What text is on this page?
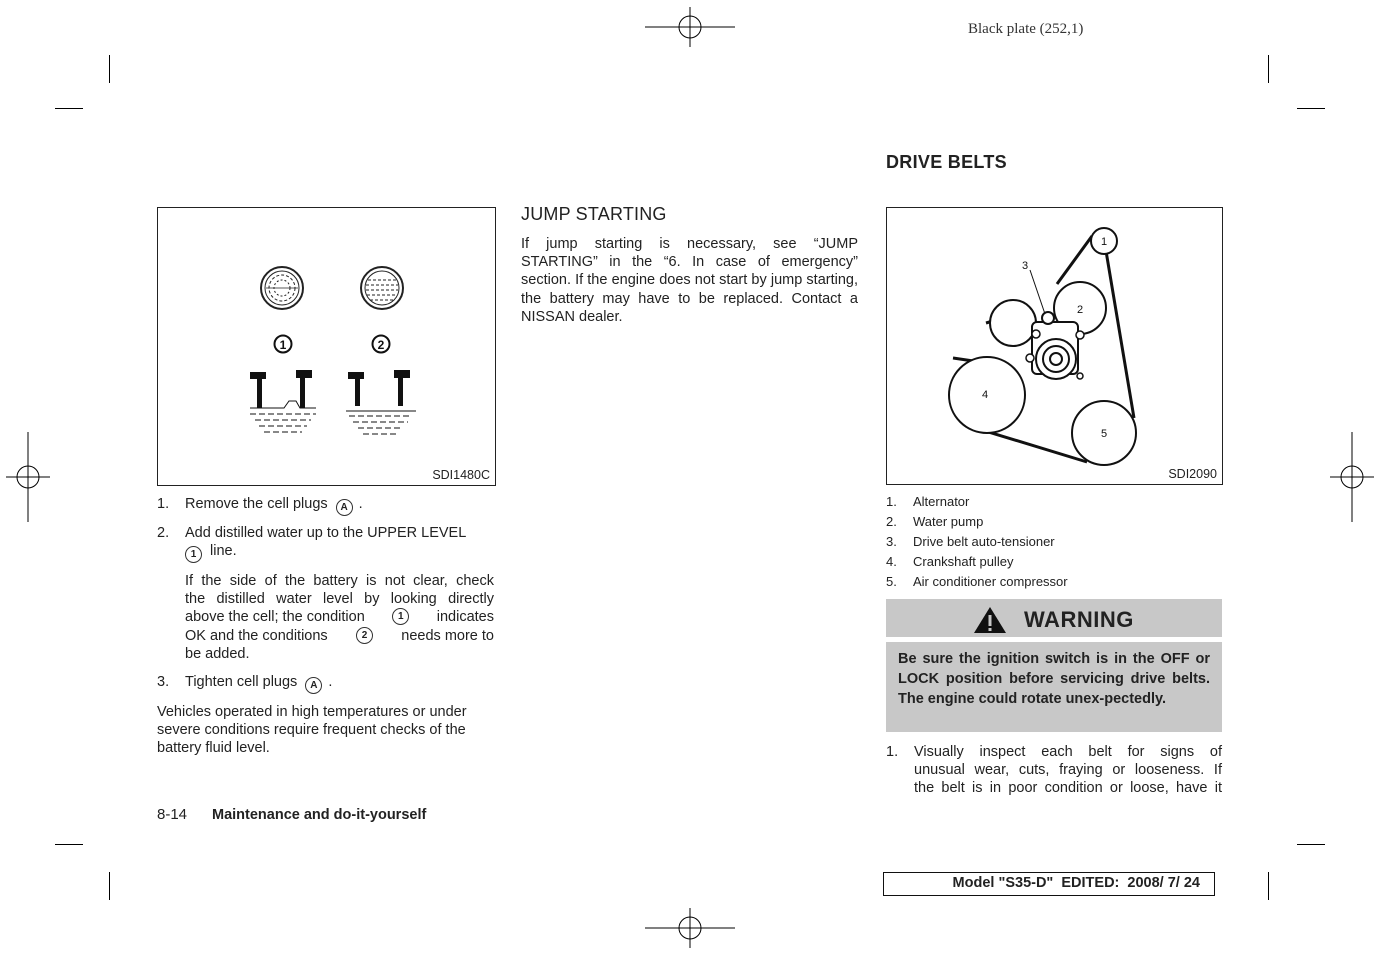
Black plate (252,1)
1	2
SDI1480C
1. Remove the cell plugs A .
2. Add distilled water up to the UPPER LEVEL
1 line.
If the side of the battery is not clear, check
the distilled water level by looking directly
above the cell; the condition	1	indicates
OK and the conditions	2	needs more to
be added.
3. Tighten cell plugs A .
Vehicles operated in high temperatures or under severe conditions require frequent checks of the battery fluid level.
JUMP STARTING
If jump starting is necessary, see “JUMP STARTING” in the “6. In case of emergency” section. If the engine does not start by jump starting, the battery may have to be replaced. Contact a NISSAN dealer.
DRIVE BELTS
1
2
3
4
5
SDI2090
1. Alternator
2. Water pump
3. Drive belt auto-tensioner
4. Crankshaft pulley
5. Air conditioner compressor
WARNING
Be sure the ignition switch is in the OFF or LOCK position before servicing drive belts. The engine could rotate unex-pectedly.
1. Visually inspect each belt for signs of
unusual wear, cuts, fraying or looseness. If
the belt is in poor condition or loose, have it
8-14 Maintenance and do-it-yourself
Model "S35-D"  EDITED:  2008/ 7/ 24
